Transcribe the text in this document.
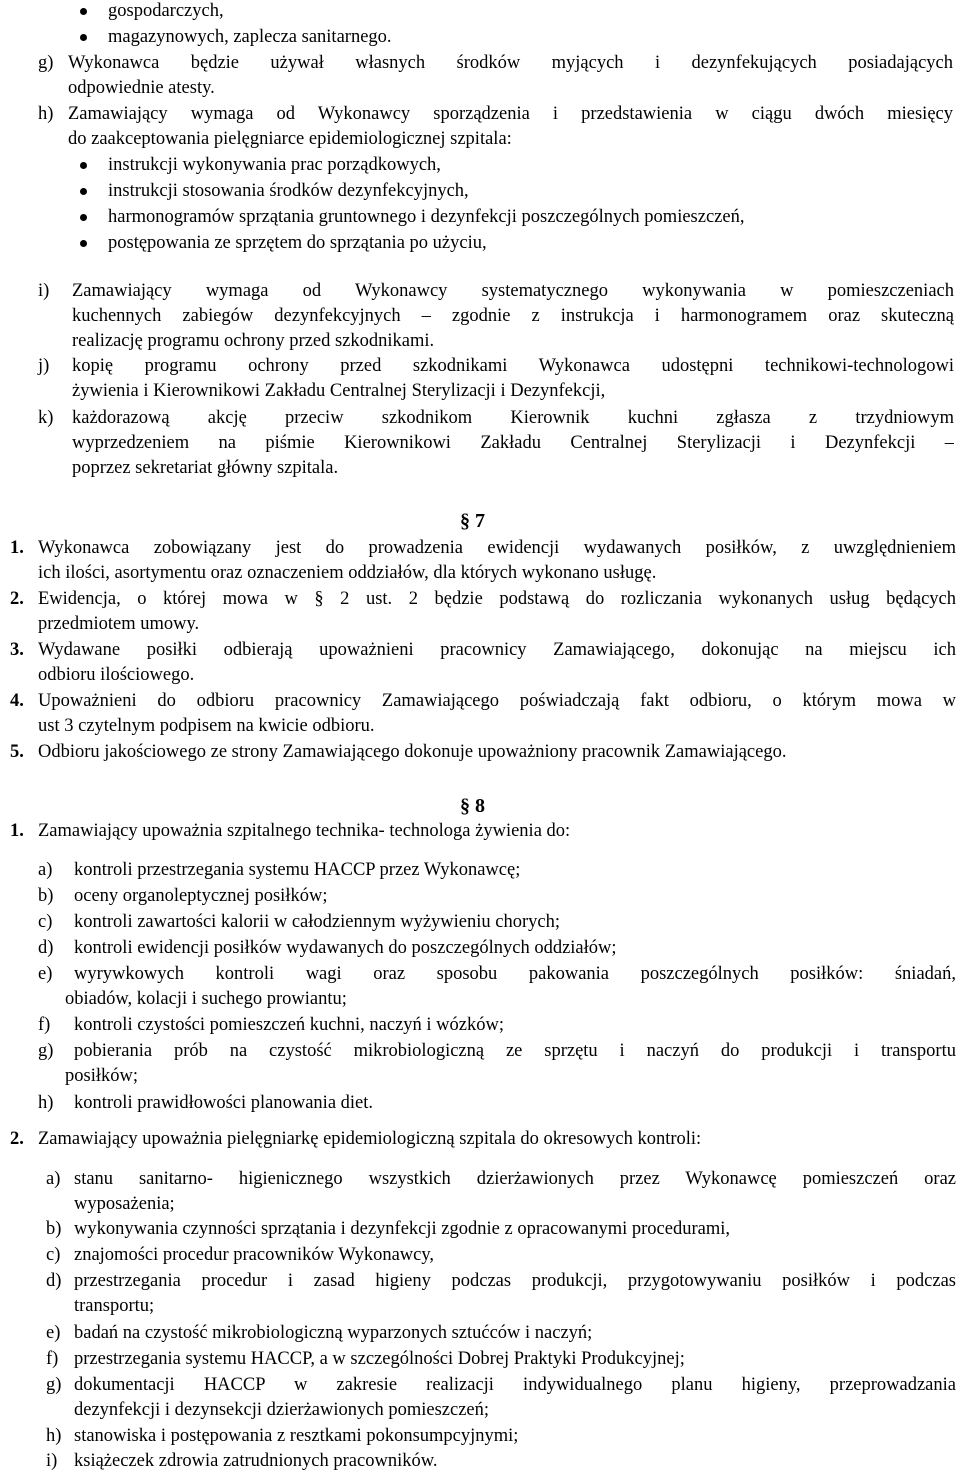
gospodarczych,
magazynowych, zaplecza sanitarnego.
g) Wykonawca będzie używał własnych środków myjących i dezynfekujących posiadających
odpowiednie atesty.
h) Zamawiający wymaga od Wykonawcy sporządzenia i przedstawienia w ciągu dwóch miesięcy
do zaakceptowania pielęgniarce epidemiologicznej szpitala:
instrukcji wykonywania prac porządkowych,
instrukcji stosowania środków dezynfekcyjnych,
harmonogramów sprzątania gruntownego i dezynfekcji poszczególnych pomieszczeń,
postępowania ze sprzętem do sprzątania po użyciu,
i) Zamawiający wymaga od Wykonawcy systematycznego wykonywania w pomieszczeniach
kuchennych zabiegów dezynfekcyjnych – zgodnie z instrukcja i harmonogramem oraz skuteczną
realizację programu ochrony przed szkodnikami.
j) kopię programu ochrony przed szkodnikami Wykonawca udostępni technikowi-technologowi
żywienia i Kierownikowi Zakładu Centralnej Sterylizacji i Dezynfekcji,
k) każdorazową akcję przeciw szkodnikom Kierownik kuchni zgłasza z trzydniowym
wyprzedzeniem na piśmie Kierownikowi Zakładu Centralnej Sterylizacji i Dezynfekcji –
poprzez sekretariat główny szpitala.
§ 7
1. Wykonawca zobowiązany jest do prowadzenia ewidencji wydawanych posiłków, z uwzględnieniem
ich ilości, asortymentu oraz oznaczeniem oddziałów, dla których wykonano usługę.
2. Ewidencja, o której mowa w § 2 ust. 2 będzie podstawą do rozliczania wykonanych usług będących
przedmiotem umowy.
3. Wydawane posiłki odbierają upoważnieni pracownicy Zamawiającego, dokonując na miejscu ich
odbioru ilościowego.
4. Upoważnieni do odbioru pracownicy Zamawiającego poświadczają fakt odbioru, o którym mowa w
ust 3 czytelnym podpisem na kwicie odbioru.
5. Odbioru jakościowego ze strony Zamawiającego dokonuje upoważniony pracownik Zamawiającego.
§ 8
1. Zamawiający upoważnia szpitalnego technika- technologa żywienia do:
a) kontroli przestrzegania systemu HACCP przez Wykonawcę;
b) oceny organoleptycznej posiłków;
c) kontroli zawartości kalorii w całodziennym wyżywieniu chorych;
d) kontroli ewidencji posiłków wydawanych do poszczególnych oddziałów;
e) wyrywkowych kontroli wagi oraz sposobu pakowania poszczególnych posiłków: śniadań,
obiadów, kolacji i suchego prowiantu;
f) kontroli czystości pomieszczeń kuchni, naczyń i wózków;
g) pobierania prób na czystość mikrobiologiczną ze sprzętu i naczyń do produkcji i transportu
posiłków;
h) kontroli prawidłowości planowania diet.
2. Zamawiający upoważnia pielęgniarkę epidemiologiczną szpitala do okresowych kontroli:
a) stanu sanitarno- higienicznego wszystkich dzierżawionych przez Wykonawcę pomieszczeń oraz
wyposażenia;
b) wykonywania czynności sprzątania i dezynfekcji zgodnie z opracowanymi procedurami,
c) znajomości procedur pracowników Wykonawcy,
d) przestrzegania procedur i zasad higieny podczas produkcji, przygotowywaniu posiłków i podczas
transportu;
e) badań na czystość mikrobiologiczną wyparzonych sztućców i naczyń;
f) przestrzegania systemu HACCP, a w szczególności Dobrej Praktyki Produkcyjnej;
g) dokumentacji HACCP w zakresie realizacji indywidualnego planu higieny, przeprowadzania
dezynfekcji i dezynsekcji dzierżawionych pomieszczeń;
h) stanowiska i postępowania z resztkami pokonsumpcyjnymi;
i) książeczek zdrowia zatrudnionych pracowników.
